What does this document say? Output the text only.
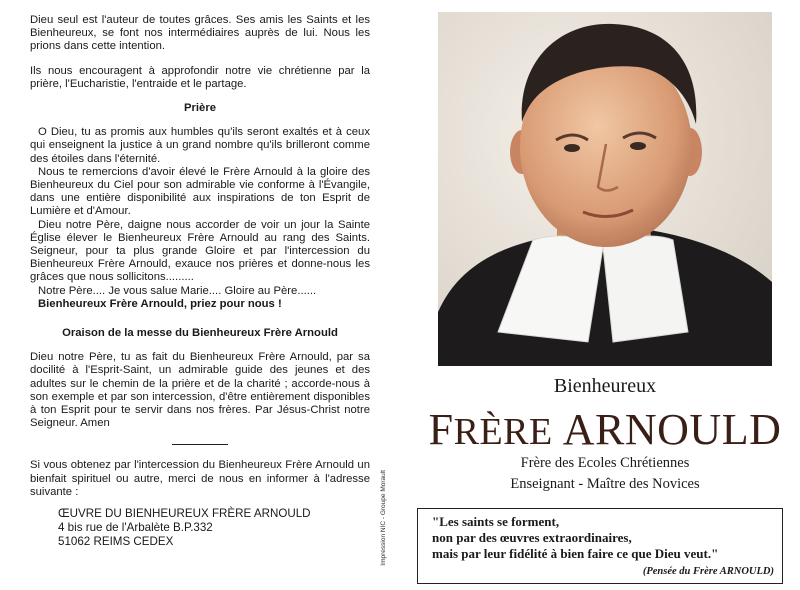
Dieu seul est l'auteur de toutes grâces. Ses amis les Saints et les Bienheureux, se font nos intermédiaires auprès de lui. Nous les prions dans cette intention.

Ils nous encouragent à approfondir notre vie chrétienne par la prière, l'Eucharistie, l'entraide et le partage.

Prière

O Dieu, tu as promis aux humbles qu'ils seront exaltés et à ceux qui enseignent la justice à un grand nombre qu'ils brilleront comme des étoiles dans l'éternité.

Nous te remercions d'avoir élevé le Frère Arnould à la gloire des Bienheureux du Ciel pour son admirable vie conforme à l'Évangile, dans une entière disponibilité aux inspirations de ton Esprit de Lumière et d'Amour.

Dieu notre Père, daigne nous accorder de voir un jour la Sainte Église élever le Bienheureux Frère Arnould au rang des Saints. Seigneur, pour ta plus grande Gloire et par l'intercession du Bienheureux Frère Arnould, exauce nos prières et donne-nous les grâces que nous sollicitons.........

Notre Père.... Je vous salue Marie.... Gloire au Père......

Bienheureux Frère Arnould, priez pour nous !

Oraison de la messe du Bienheureux Frère Arnould

Dieu notre Père, tu as fait du Bienheureux Frère Arnould, par sa docilité à l'Esprit-Saint, un admirable guide des jeunes et des adultes sur le chemin de la prière et de la charité ; accorde-nous à son exemple et par son intercession, d'être entièrement disponibles à ton Esprit pour te servir dans nos frères. Par Jésus-Christ notre Seigneur. Amen

Si vous obtenez par l'intercession du Bienheureux Frère Arnould un bienfait spirituel ou autre, merci de nous en informer à l'adresse suivante :

ŒUVRE DU BIENHEUREUX FRÈRE ARNOULD
4 bis rue de l'Arbalète B.P.332
51062 REIMS CEDEX	Impression NIC - Groupe Morault
Bienheureux
FRÈRE ARNOULD
Frère des Ecoles Chrétiennes
Enseignant - Maître des Novices
"Les saints se forment,
non par des œuvres extraordinaires,
mais par leur fidélité à bien faire ce que Dieu veut."
(Pensée du Frère ARNOULD)
